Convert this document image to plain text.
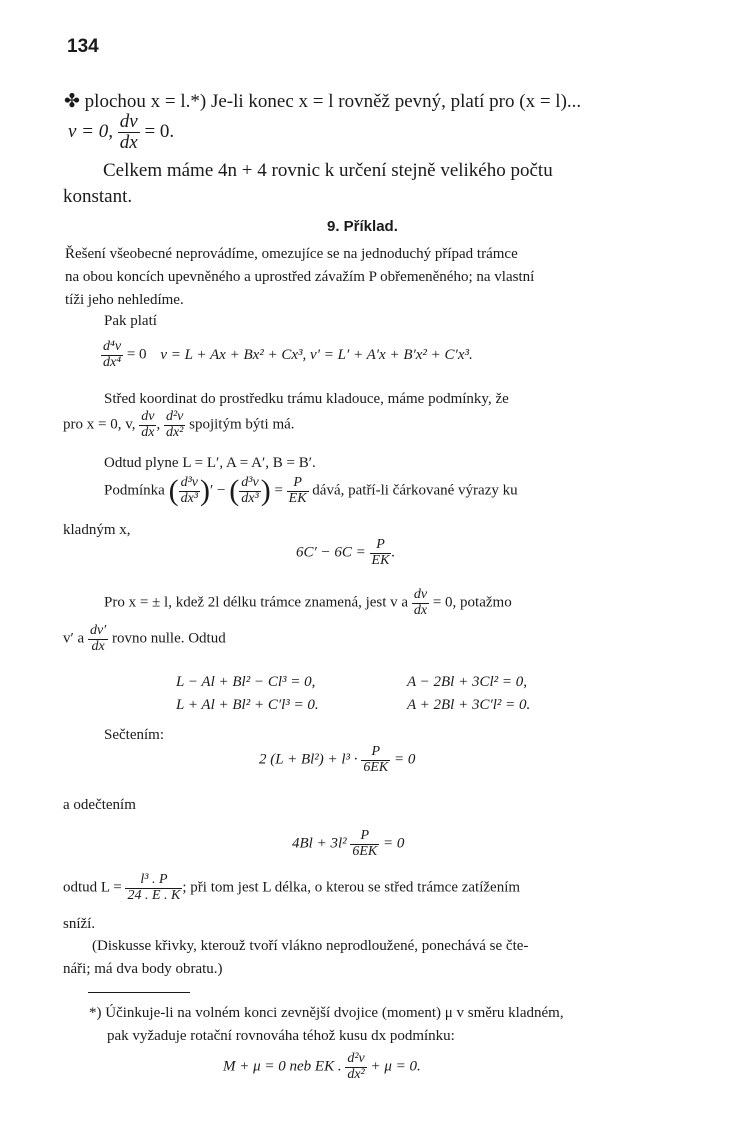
134
✤ plochou x = l.*) Je-li konec x = l rovněž pevný, platí pro (x = l)...
v = 0, $\frac{dv}{dx} = 0$.
Celkem máme 4n + 4 rovnic k určení stejně velikého počtu
konstant.
9. Příklad.
Řešení všeobecné neprovádíme, omezujíce se na jednoduchý případ trámce
na obou koncích upevněného a uprostřed závažím P obřemeněného; na vlastní
tíži jeho nehledíme.
Pak platí
$\frac{\text{d⁴v}}{\text{dx⁴}} = 0$ v = L + Ax + Bx² + Cx³, v′ = L′ + A′x + B′x² + C′x³.
Střed koordinat do prostředku trámu kladouce, máme podmínky, že
pro x = 0, v, $\frac{dv}{dx}$ , $\frac{\text{d²v}}{\text{dx²}}$ spojitým býti má.
Odtud plyne L = L′, A = A′, B = B′.
Podmínka ( $\frac{\text{d³v}}{\text{dx³}}$ )′ − ( $\frac{\text{d³v}}{\text{dx³}}$ ) = $\frac{P}{EK}$ dává, patří-li čárkované výrazy ku
kladným x,
$6C' - 6C = \frac{P}{EK}$ .
Pro x = ± l, kdež 2l délku trámce znamená, jest v a $\frac{dv}{dx} = 0$, potažmo
v′ a $\frac{dv'}{dx}$ rovno nulle. Odtud
L − Al + Bl² − Cl³ = 0,	A − 2Bl + 3Cl² = 0,
L + Al + Bl² + C′l³ = 0.	A + 2Bl + 3C′l² = 0.
Sečtením:
2 $(L + Bl^2) + l^3 \cdot \frac{P}{6EK} = 0$
a odečtením
$4Bl + 3l^2 \frac{P}{6EK} = 0$
odtud $L = \frac{\text{l³ . P}}{24 . E . K}$ ; při tom jest L délka, o kterou se střed trámce zatížením
sníží.
(Diskusse křivky, kterouž tvoří vlákno neprodloužené, ponechává se čte-
náři; má dva body obratu.)
*) Účinkuje-li na volném konci zevnější dvojice (moment) μ v směru kladném,
pak vyžaduje rotační rovnováha téhož kusu dx podmínku:
M + μ = 0 neb EK . $\frac{\text{d²v}}{\text{dx²}} + \mu = 0$.
